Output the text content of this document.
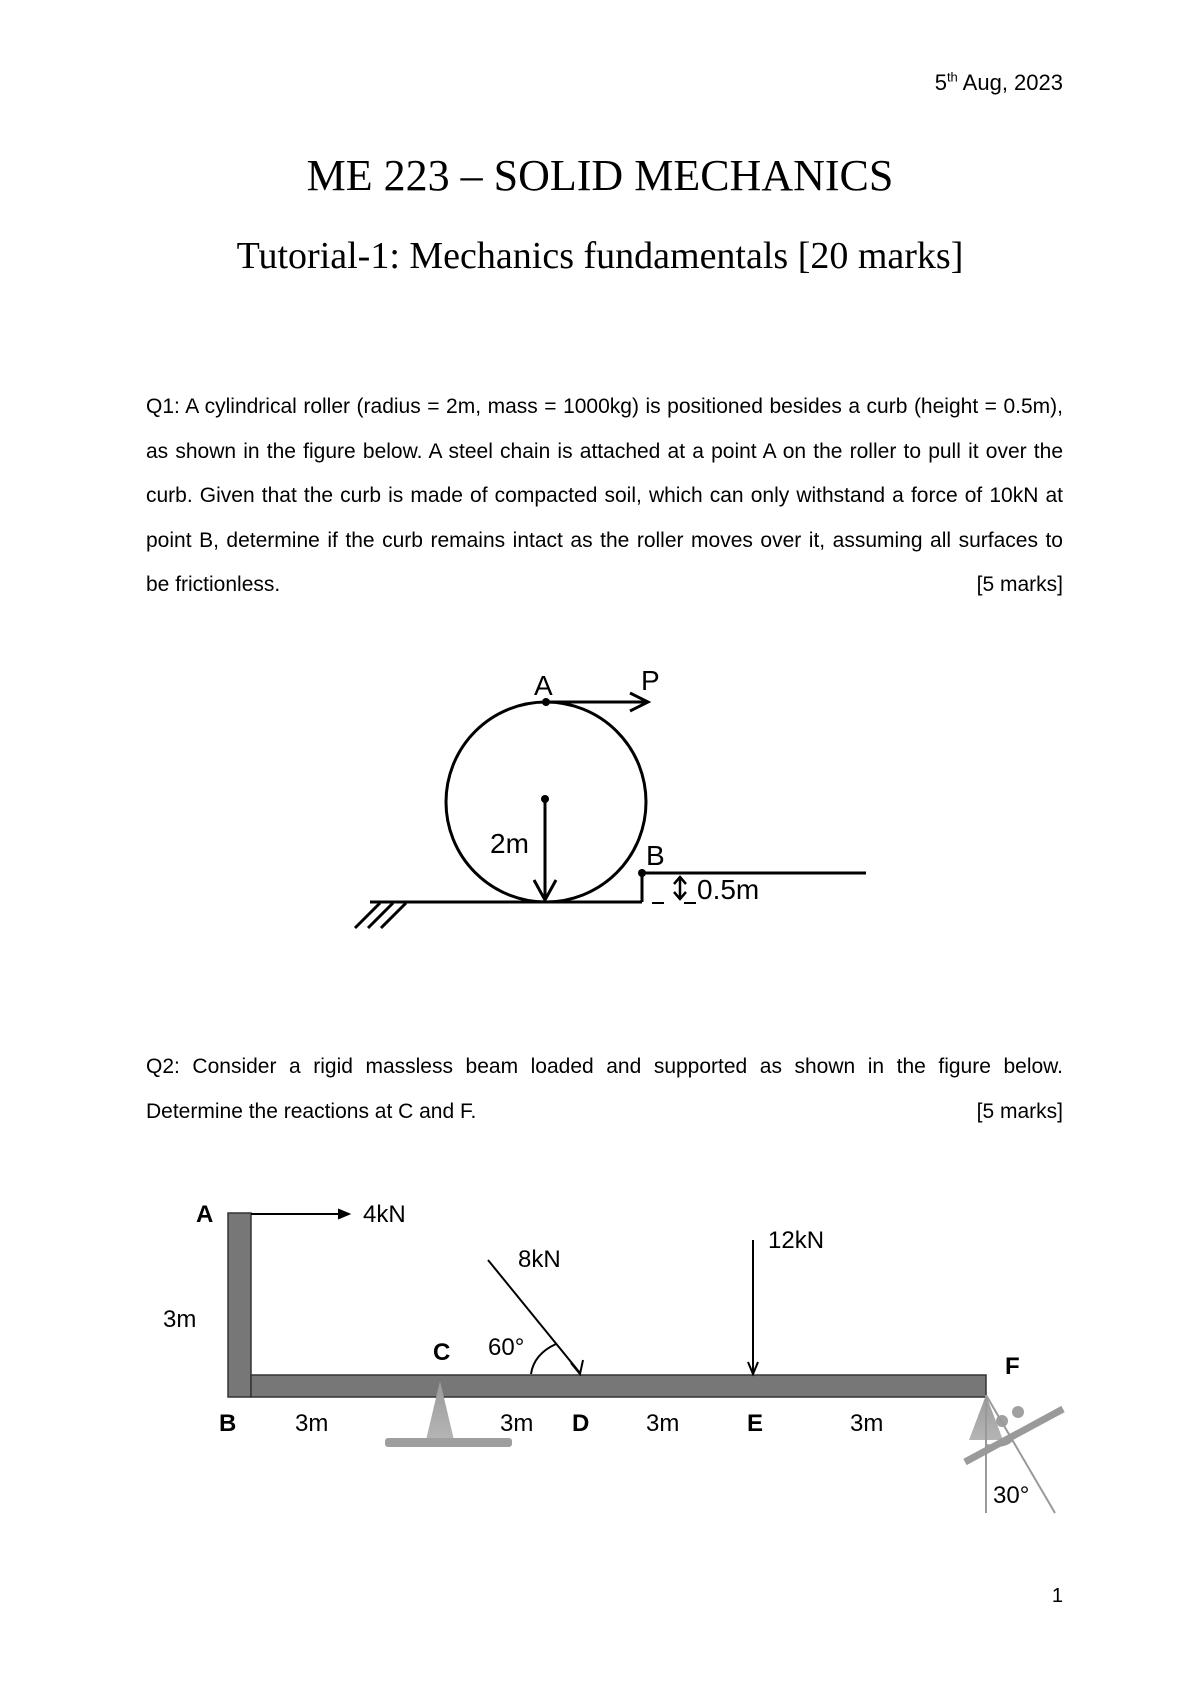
5th Aug, 2023
ME 223 – SOLID MECHANICS
Tutorial-1: Mechanics fundamentals [20 marks]

Q1: A cylindrical roller (radius = 2m, mass = 1000kg) is positioned besides a curb (height = 0.5m), as shown in the figure below. A steel chain is attached at a point A on the roller to pull it over the curb. Given that the curb is made of compacted soil, which can only withstand a force of 10kN at point B, determine if the curb remains intact as the roller moves over it, assuming all surfaces to be frictionless.	[5 marks]

A	P
2m	B
0.5m

Q2: Consider a rigid massless beam loaded and supported as shown in the figure below. Determine the reactions at C and F.	[5 marks]

A	4kN
3m
C
8kN
60°
12kN
F
B 3m	3m D 3m	E	3m
30°
1
